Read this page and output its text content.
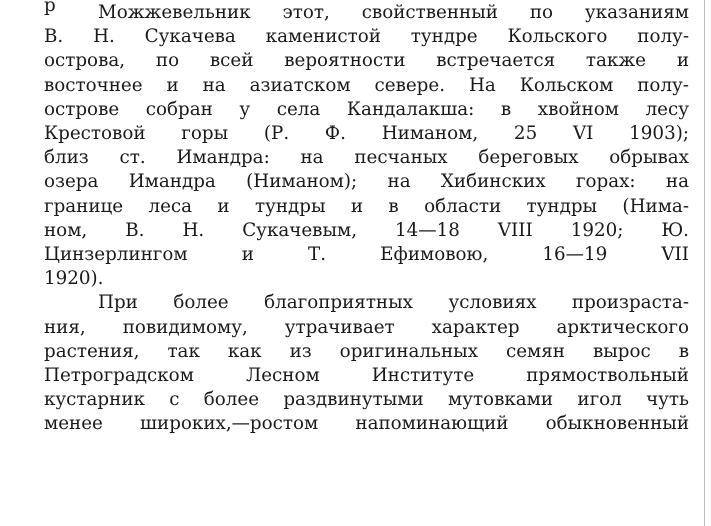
р	Можжевельник этот, свойственный по указаниям
В. Н. Сукачева каменистой тундре Кольского полу-
острова, по всей вероятности встречается также и
восточнее и на азиатском севере. На Кольском полу-
острове собран у села Кандалакша: в хвойном лесу
Крестовой горы (Р. Ф. Ниманом, 25 VI 1903);
близ ст. Имандра: на песчаных береговых обрывах
озера Имандра (Ниманом); на Хибинских горах: на
границе леса и тундры и в области тундры (Нима-
ном, В. Н. Сукачевым, 14—18 VIII 1920; Ю.
Цинзерлингом и Т. Ефимовою, 16—19 VII
1920).
При более благоприятных условиях произраста-
ния, повидимому, утрачивает характер арктического
растения, так как из оригинальных семян вырос в
Петроградском Лесном Институте прямоствольный
кустарник с более раздвинутыми мутовками игол чуть
менее широких,—ростом напоминающий обыкновенный
